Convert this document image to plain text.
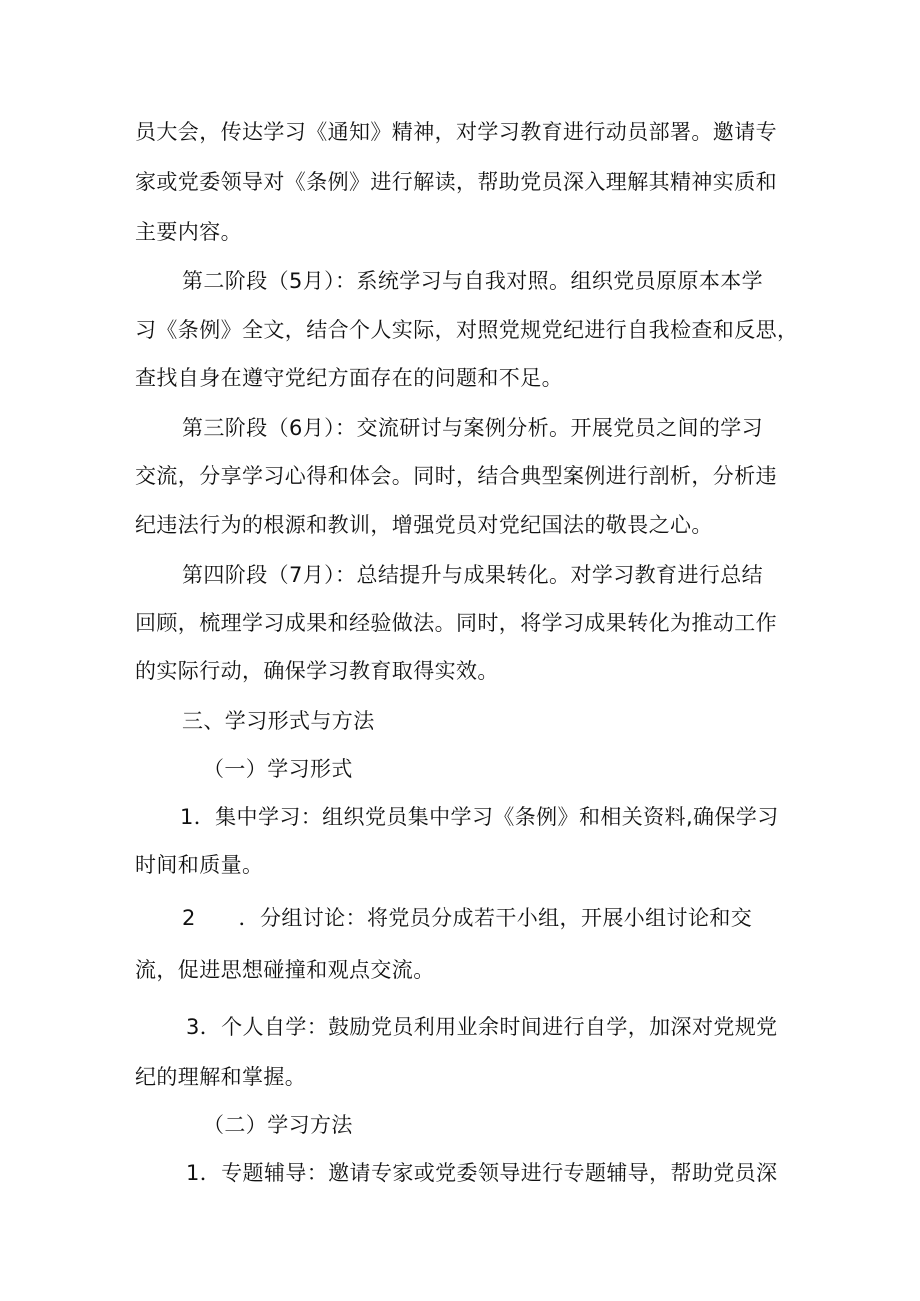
员大会，传达学习《通知》精神，对学习教育进行动员部署。邀请专
家或党委领导对《条例》进行解读，帮助党员深入理解其精神实质和
主要内容。
第二阶段（5月）：系统学习与自我对照。组织党员原原本本学
习《条例》全文，结合个人实际，对照党规党纪进行自我检查和反思，
查找自身在遵守党纪方面存在的问题和不足。
第三阶段（6月）：交流研讨与案例分析。开展党员之间的学习
交流，分享学习心得和体会。同时，结合典型案例进行剖析，分析违
纪违法行为的根源和教训，增强党员对党纪国法的敬畏之心。
第四阶段（7月）：总结提升与成果转化。对学习教育进行总结
回顾，梳理学习成果和经验做法。同时，将学习成果转化为推动工作
的实际行动，确保学习教育取得实效。
三、学习形式与方法
（一）学习形式
1．集中学习：组织党员集中学习《条例》和相关资料,确保学习
时间和质量。
2　　．分组讨论：将党员分成若干小组，开展小组讨论和交
流，促进思想碰撞和观点交流。
3．个人自学：鼓励党员利用业余时间进行自学，加深对党规党
纪的理解和掌握。
（二）学习方法
1．专题辅导：邀请专家或党委领导进行专题辅导，帮助党员深
